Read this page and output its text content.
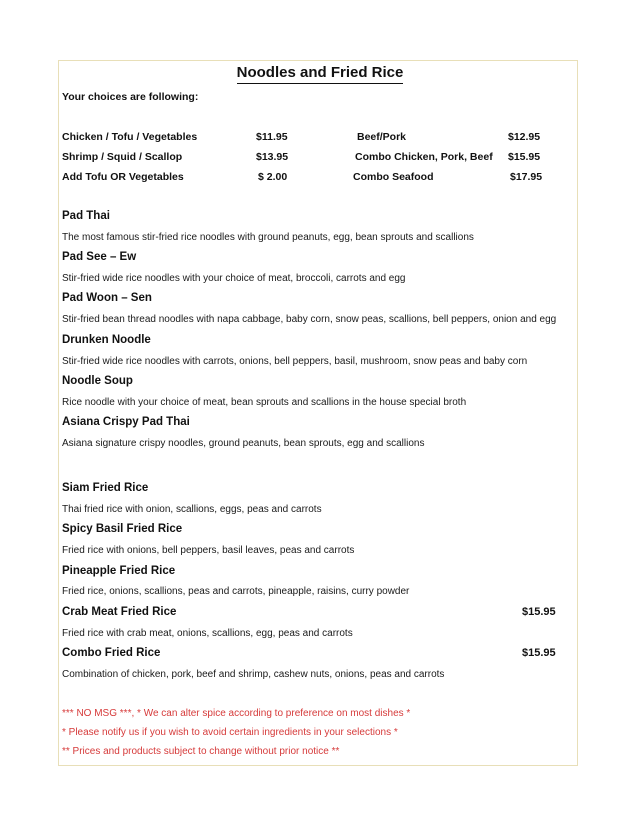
Noodles and Fried Rice
Your choices are following:
Chicken / Tofu / Vegetables	$11.95	Beef/Pork	$12.95
Shrimp / Squid / Scallop	$13.95	Combo Chicken, Pork, Beef $15.95
Add Tofu OR Vegetables	$ 2.00	Combo Seafood	$17.95
Pad Thai
The most famous stir-fried rice noodles with ground peanuts, egg, bean sprouts and scallions
Pad See – Ew
Stir-fried wide rice noodles with your choice of meat, broccoli, carrots and egg
Pad Woon – Sen
Stir-fried bean thread noodles with napa cabbage, baby corn, snow peas, scallions, bell peppers, onion and egg
Drunken Noodle
Stir-fried wide rice noodles with carrots, onions, bell peppers, basil, mushroom, snow peas and baby corn
Noodle Soup
Rice noodle with your choice of meat, bean sprouts and scallions in the house special broth
Asiana Crispy Pad Thai
Asiana signature crispy noodles, ground peanuts, bean sprouts, egg and scallions
Siam Fried Rice
Thai fried rice with onion, scallions, eggs, peas and carrots
Spicy Basil Fried Rice
Fried rice with onions, bell peppers, basil leaves, peas and carrots
Pineapple Fried Rice
Fried rice, onions, scallions, peas and carrots, pineapple, raisins, curry powder
Crab Meat Fried Rice	$15.95
Fried rice with crab meat, onions, scallions, egg, peas and carrots
Combo Fried Rice	$15.95
Combination of chicken, pork, beef and shrimp, cashew nuts, onions, peas and carrots
*** NO MSG ***, * We can alter spice according to preference on most dishes *
* Please notify us if you wish to avoid certain ingredients in your selections *
** Prices and products subject to change without prior notice **
